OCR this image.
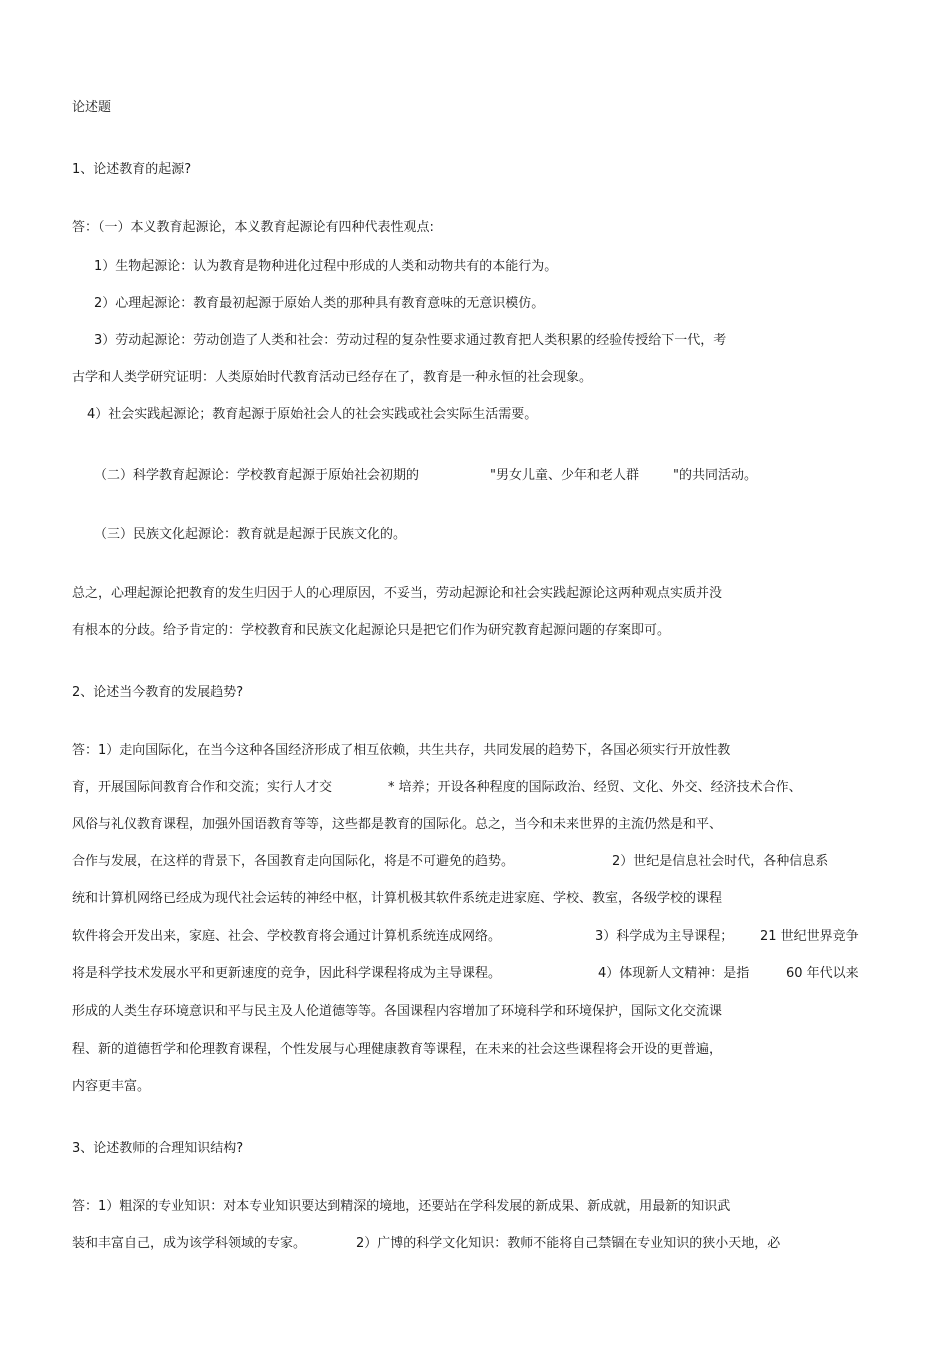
论述题
1、论述教育的起源?
答：（一）本义教育起源论，本义教育起源论有四种代表性观点:
1）生物起源论：认为教育是物种进化过程中形成的人类和动物共有的本能行为。
2）心理起源论：教育最初起源于原始人类的那种具有教育意味的无意识模仿。
3）劳动起源论：劳动创造了人类和社会：劳动过程的复杂性要求通过教育把人类积累的经验传授给下一代，考
古学和人类学研究证明：人类原始时代教育活动已经存在了，教育是一种永恒的社会现象。
4）社会实践起源论；教育起源于原始社会人的社会实践或社会实际生活需要。
（二）科学教育起源论：学校教育起源于原始社会初期的	"男女儿童、少年和老人群	"的共同活动。
（三）民族文化起源论：教育就是起源于民族文化的。
总之，心理起源论把教育的发生归因于人的心理原因，不妥当，劳动起源论和社会实践起源论这两种观点实质并没
有根本的分歧。给予肯定的：学校教育和民族文化起源论只是把它们作为研究教育起源问题的存案即可。
2、论述当今教育的发展趋势?
答：1）走向国际化，在当今这种各国经济形成了相互依赖，共生共存，共同发展的趋势下，各国必须实行开放性教
育，开展国际间教育合作和交流；实行人才交	* 培养；开设各种程度的国际政治、经贸、文化、外交、经济技术合作、
风俗与礼仪教育课程，加强外国语教育等等，这些都是教育的国际化。总之，当今和未来世界的主流仍然是和平、
合作与发展，在这样的背景下，各国教育走向国际化，将是不可避免的趋势。	2）世纪是信息社会时代，各种信息系
统和计算机网络已经成为现代社会运转的神经中枢，计算机极其软件系统走进家庭、学校、教室，各级学校的课程
软件将会开发出来，家庭、社会、学校教育将会通过计算机系统连成网络。	3）科学成为主导课程； 21 世纪世界竞争
将是科学技术发展水平和更新速度的竞争，因此科学课程将成为主导课程。	4）体现新人文精神：是指	60 年代以来
形成的人类生存环境意识和平与民主及人伦道德等等。各国课程内容增加了环境科学和环境保护，国际文化交流课
程、新的道德哲学和伦理教育课程，个性发展与心理健康教育等课程，在未来的社会这些课程将会开设的更普遍，
内容更丰富。
3、论述教师的合理知识结构?
答：1）粗深的专业知识：对本专业知识要达到精深的境地，还要站在学科发展的新成果、新成就，用最新的知识武
装和丰富自己，成为该学科领域的专家。	2）广博的科学文化知识：教师不能将自己禁锢在专业知识的狭小天地，必
